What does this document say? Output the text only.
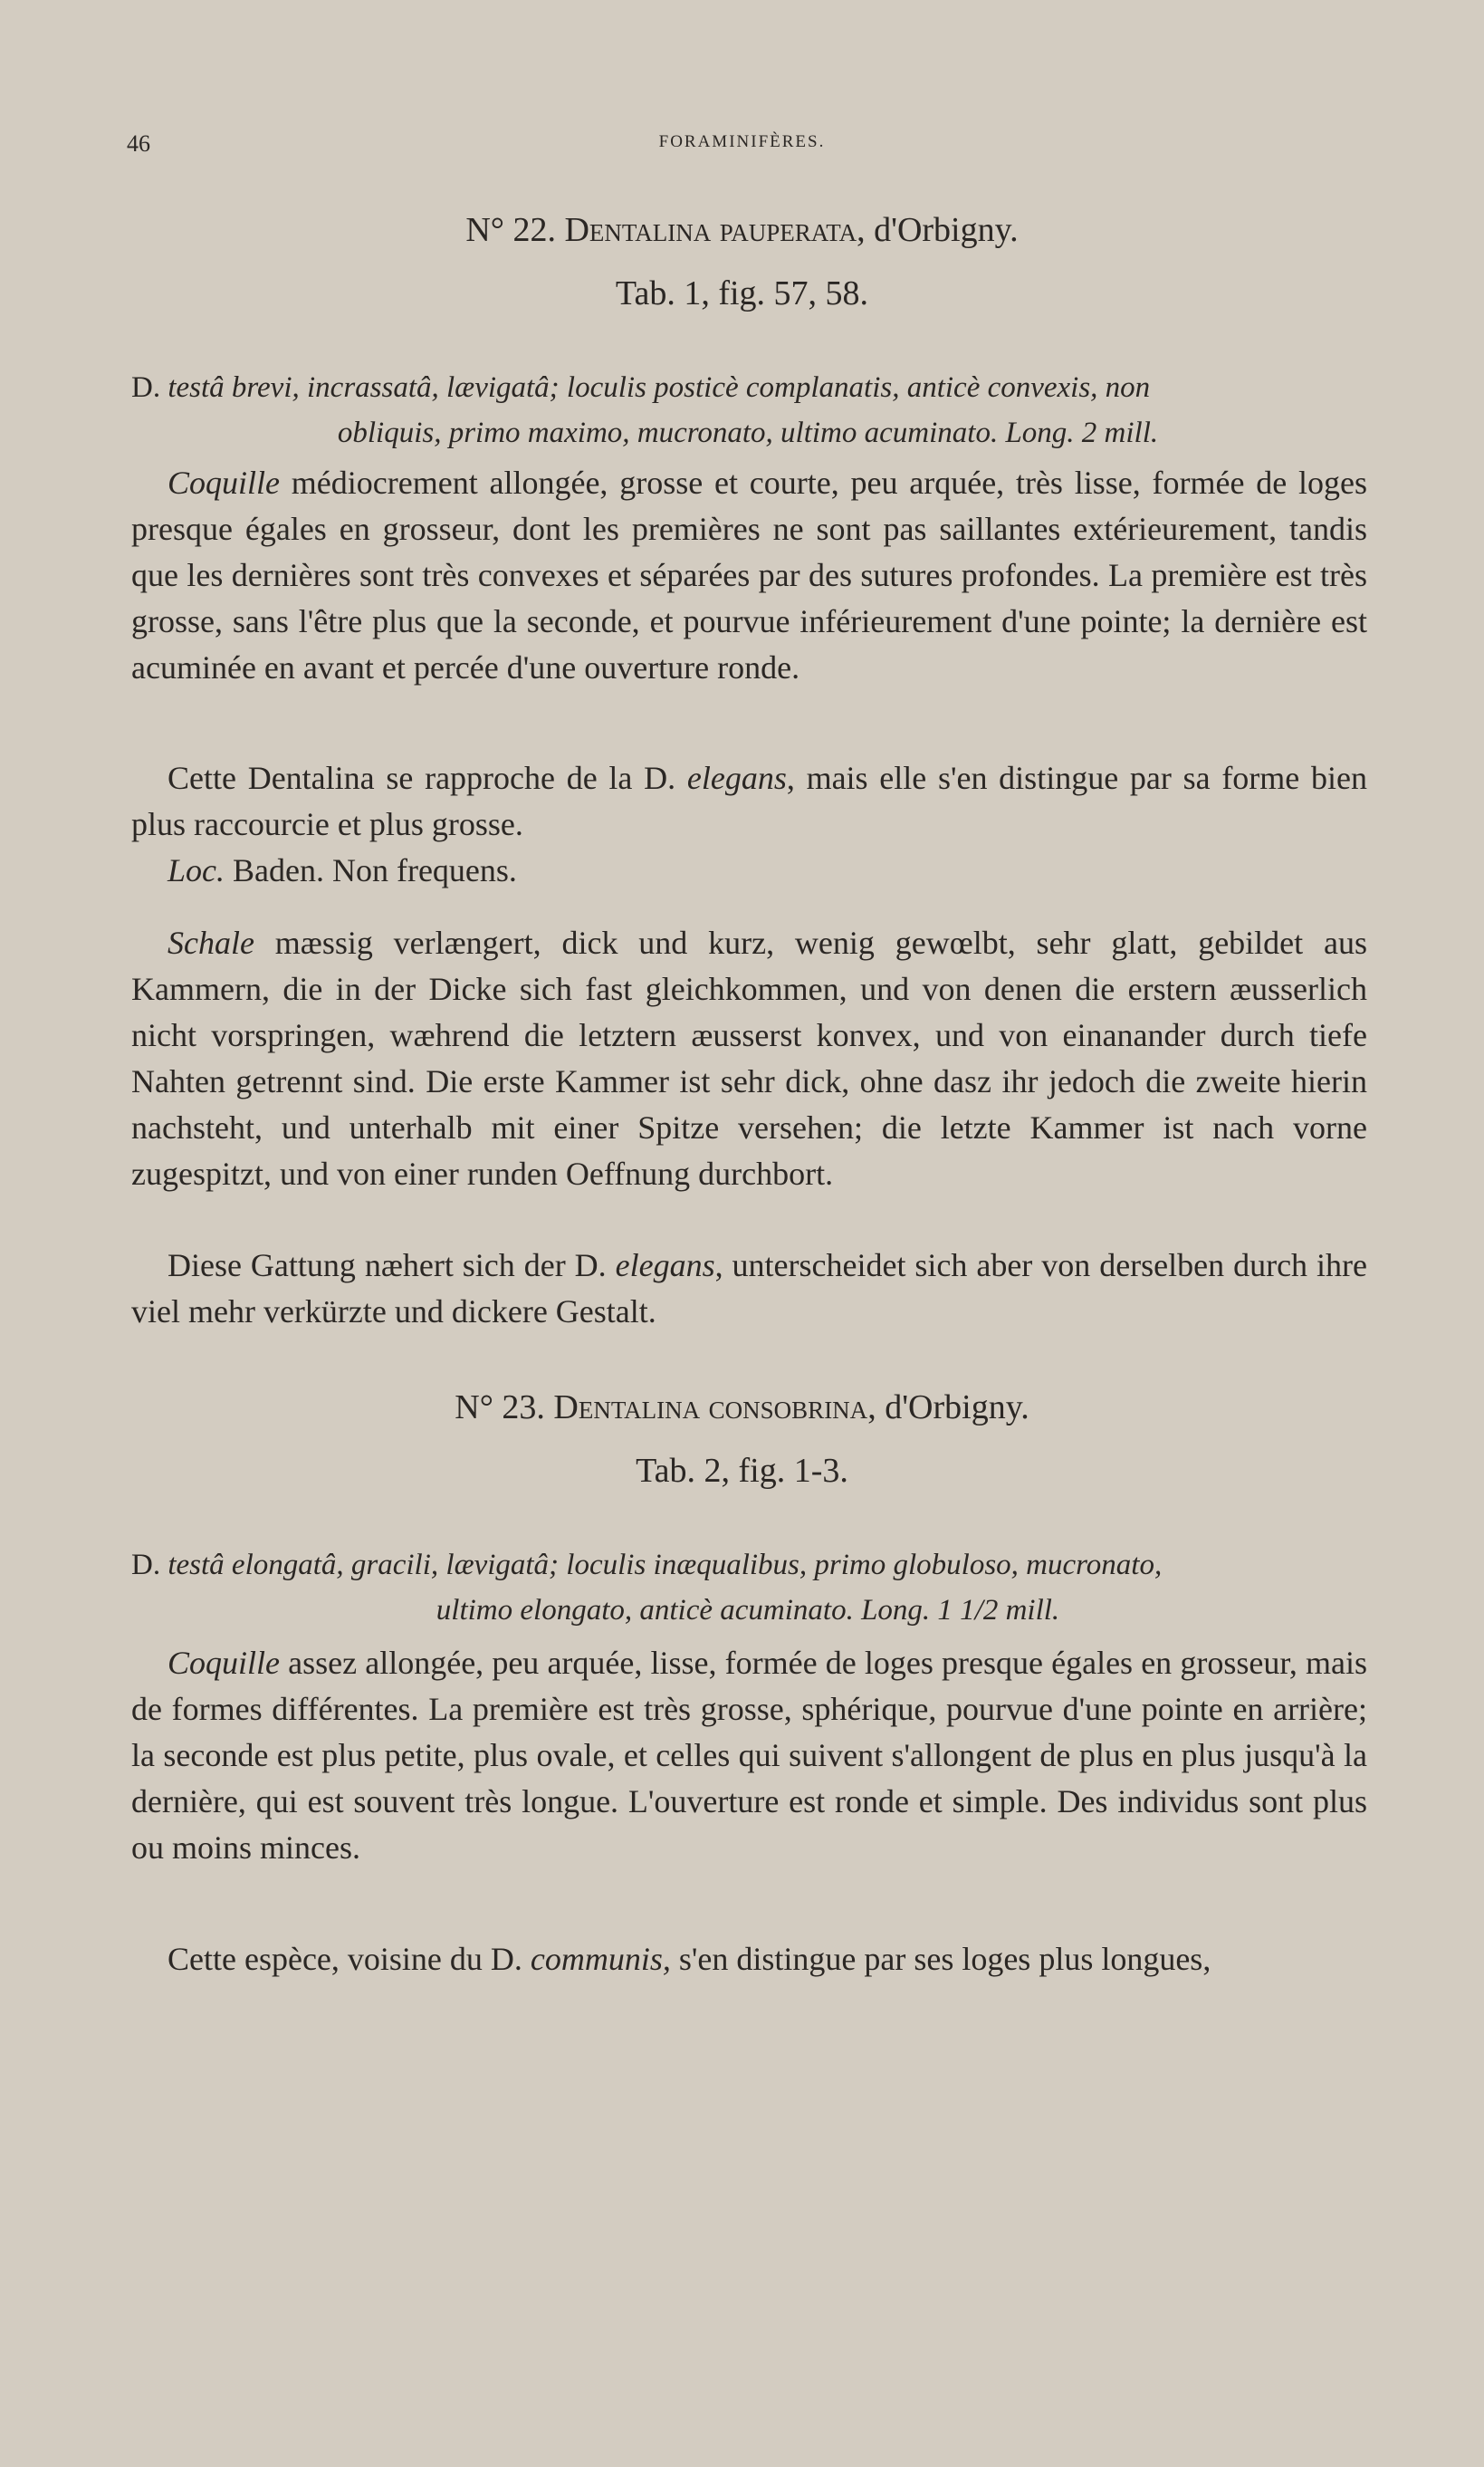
46	FORAMINIFÈRES.
N° 22. Dentalina pauperata, d'Orbigny.
Tab. 1, fig. 57, 58.
D. testâ brevi, incrassatâ, lævigatâ; loculis posticè complanatis, anticè convexis, non
obliquis, primo maximo, mucronato, ultimo acuminato. Long. 2 mill.

Coquille médiocrement allongée, grosse et courte, peu arquée, très lisse, formée de loges presque égales en grosseur, dont les premières ne sont pas saillantes extérieurement, tandis que les dernières sont très convexes et séparées par des sutures profondes. La première est très grosse, sans l'être plus que la seconde, et pourvue inférieurement d'une pointe; la dernière est acuminée en avant et percée d'une ouverture ronde.

Cette Dentalina se rapproche de la D. elegans, mais elle s'en distingue par sa forme bien plus raccourcie et plus grosse.

Loc. Baden. Non frequens.

Schale mæssig verlængert, dick und kurz, wenig gewœlbt, sehr glatt, gebildet aus Kammern, die in der Dicke sich fast gleichkommen, und von denen die erstern æusserlich nicht vorspringen, wæhrend die letztern æusserst konvex, und von einanander durch tiefe Nahten getrennt sind. Die erste Kammer ist sehr dick, ohne dasz ihr jedoch die zweite hierin nachsteht, und unterhalb mit einer Spitze versehen; die letzte Kammer ist nach vorne zugespitzt, und von einer runden Oeffnung durchbort.

Diese Gattung næhert sich der D. elegans, unterscheidet sich aber von derselben durch ihre viel mehr verkürzte und dickere Gestalt.

N° 23. Dentalina consobrina, d'Orbigny.
Tab. 2, fig. 1-3.
D. testâ elongatâ, gracili, lævigatâ; loculis inæqualibus, primo globuloso, mucronato,
ultimo elongato, anticè acuminato. Long. 1 1/2 mill.

Coquille assez allongée, peu arquée, lisse, formée de loges presque égales en grosseur, mais de formes différentes. La première est très grosse, sphérique, pourvue d'une pointe en arrière; la seconde est plus petite, plus ovale, et celles qui suivent s'allongent de plus en plus jusqu'à la dernière, qui est souvent très longue. L'ouverture est ronde et simple. Des individus sont plus ou moins minces.

Cette espèce, voisine du D. communis, s'en distingue par ses loges plus longues,
